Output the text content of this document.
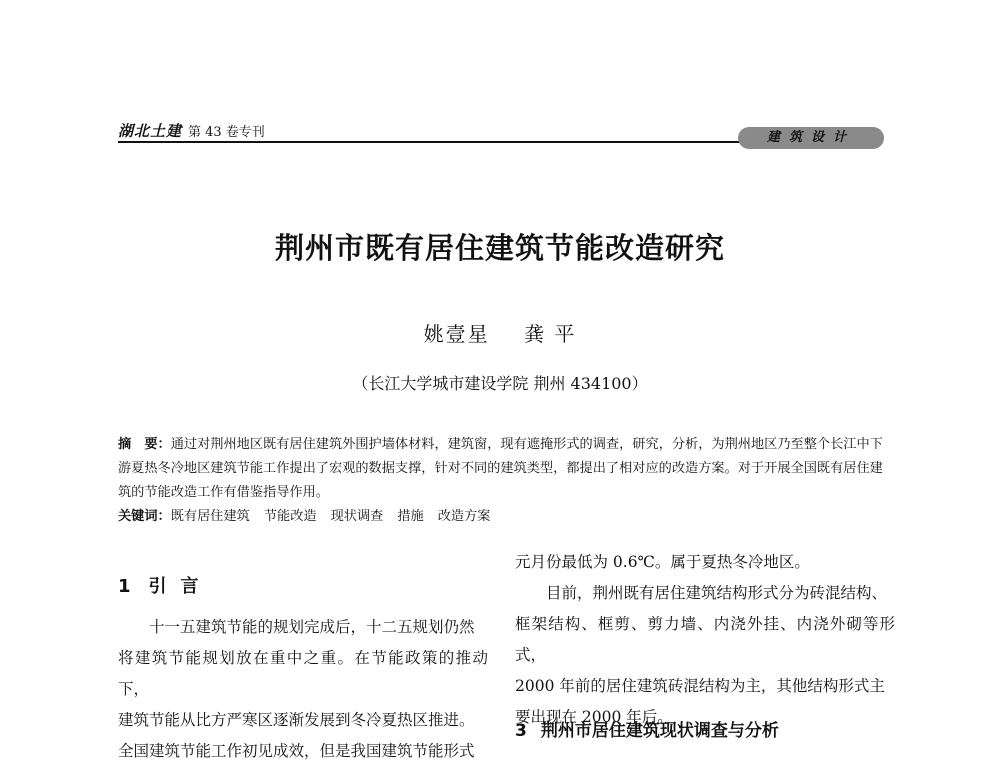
湖北土建 第 43 卷专刊	建筑设计
荆州市既有居住建筑节能改造研究
姚壹星 龚 平
（长江大学城市建设学院 荆州 434100）
摘　要：通过对荆州地区既有居住建筑外围护墙体材料，建筑窗，现有遮掩形式的调查，研究，分析，为荆州地区乃至整个长江中下游夏热冬冷地区建筑节能工作提出了宏观的数据支撑，针对不同的建筑类型，都提出了相对应的改造方案。对于开展全国既有居住建筑的节能改造工作有借鉴指导作用。
关键词：既有居住建筑 节能改造 现状调查 措施 改造方案
1 引言

十一五建筑节能的规划完成后，十二五规划仍然

将建筑节能规划放在重中之重。在节能政策的推动下，

建筑节能从比方严寒区逐渐发展到冬冷夏热区推进。

全国建筑节能工作初见成效，但是我国建筑节能形式

元月份最低为 0.6℃。属于夏热冬冷地区。

目前，荆州既有居住建筑结构形式分为砖混结构、

框架结构、框剪、剪力墙、内浇外挂、内浇外砌等形式，

2000 年前的居住建筑砖混结构为主，其他结构形式主

要出现在 2000 年后。

3 荆州市居住建筑现状调查与分析
